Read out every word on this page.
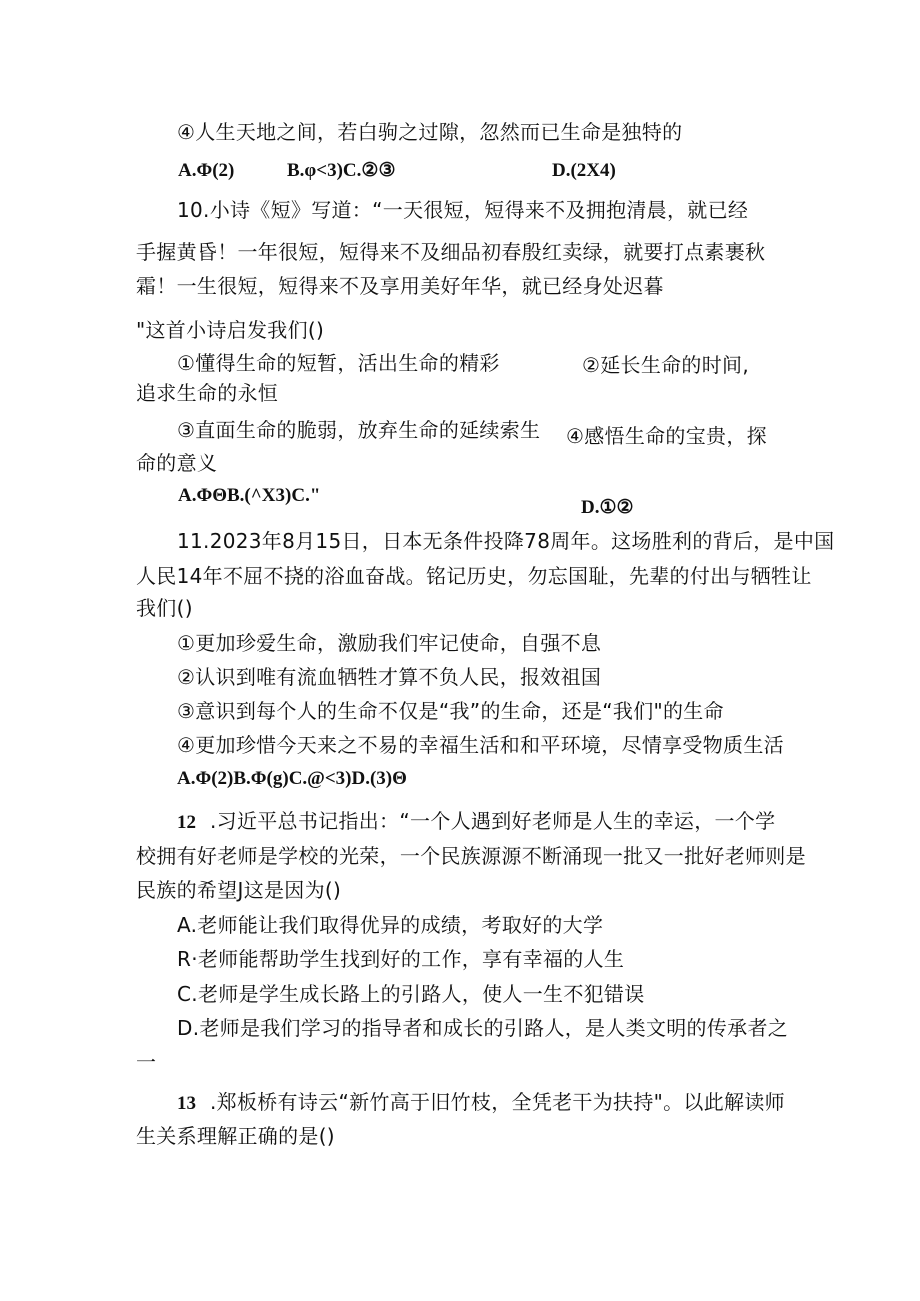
④人生天地之间，若白驹之过隙，忽然而已生命是独特的
A.Φ(2)	B.φ<3)C.②③	D.(2X4)
10.小诗《短》写道：“一天很短，短得来不及拥抱清晨，就已经
手握黄昏！一年很短，短得来不及细品初春殷红卖绿，就要打点素裹秋
霜！一生很短，短得来不及享用美好年华，就已经身处迟暮
"这首小诗启发我们()
①懂得生命的短暂，活出生命的精彩	②延长生命的时间,
追求生命的永恒
③直面生命的脆弱，放弃生命的延续索生 ④感悟生命的宝贵，探
命的意义
A.ΦΘB.(^X3)C."
D.①②
11.2023年8月15日，日本无条件投降78周年。这场胜利的背后，是中国
人民14年不屈不挠的浴血奋战。铭记历史，勿忘国耻，先辈的付出与牺牲让
我们()
①更加珍爱生命，激励我们牢记使命，自强不息
②认识到唯有流血牺牲才算不负人民，报效祖国
③意识到每个人的生命不仅是“我”的生命，还是“我们"的生命
④更加珍惜今天来之不易的幸福生活和和平环境，尽情享受物质生活
A.Φ(2)B.Φ(g)C.@<3)D.(3)Θ
12 .习近平总书记指出：“一个人遇到好老师是人生的幸运，一个学
校拥有好老师是学校的光荣，一个民族源源不断涌现一批又一批好老师则是
民族的希望J这是因为()
A.老师能让我们取得优异的成绩，考取好的大学
R·老师能帮助学生找到好的工作，享有幸福的人生
C.老师是学生成长路上的引路人，使人一生不犯错误
D.老师是我们学习的指导者和成长的引路人，是人类文明的传承者之
一
13 .郑板桥有诗云“新竹高于旧竹枝，全凭老干为扶持"。以此解读师
生关系理解正确的是()
